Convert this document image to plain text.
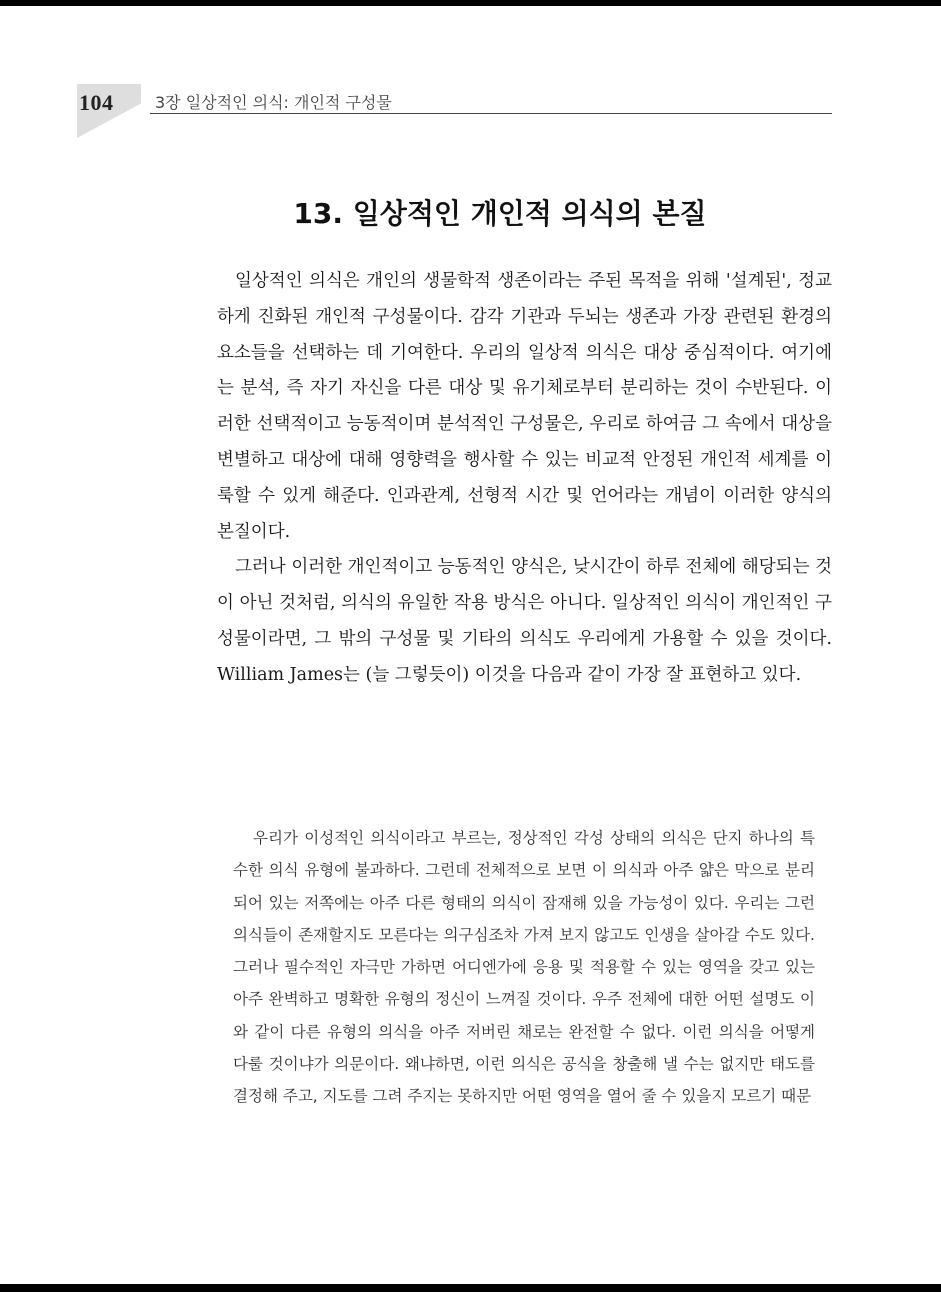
104	3장 일상적인 의식: 개인적 구성물
13. 일상적인 개인적 의식의 본질

일상적인 의식은 개인의 생물학적 생존이라는 주된 목적을 위해 '설계된', 정교하게 진화된 개인적 구성물이다. 감각 기관과 두뇌는 생존과 가장 관련된 환경의 요소들을 선택하는 데 기여한다. 우리의 일상적 의식은 대상 중심적이다. 여기에는 분석, 즉 자기 자신을 다른 대상 및 유기체로부터 분리하는 것이 수반된다. 이러한 선택적이고 능동적이며 분석적인 구성물은, 우리로 하여금 그 속에서 대상을 변별하고 대상에 대해 영향력을 행사할 수 있는 비교적 안정된 개인적 세계를 이룩할 수 있게 해준다. 인과관계, 선형적 시간 및 언어라는 개념이 이러한 양식의 본질이다.

그러나 이러한 개인적이고 능동적인 양식은, 낮시간이 하루 전체에 해당되는 것이 아닌 것처럼, 의식의 유일한 작용 방식은 아니다. 일상적인 의식이 개인적인 구성물이라면, 그 밖의 구성물 및 기타의 의식도 우리에게 가용할 수 있을 것이다. William James는 (늘 그렇듯이) 이것을 다음과 같이 가장 잘 표현하고 있다.

우리가 이성적인 의식이라고 부르는, 정상적인 각성 상태의 의식은 단지 하나의 특수한 의식 유형에 불과하다. 그런데 전체적으로 보면 이 의식과 아주 얇은 막으로 분리되어 있는 저쪽에는 아주 다른 형태의 의식이 잠재해 있을 가능성이 있다. 우리는 그런 의식들이 존재할지도 모른다는 의구심조차 가져 보지 않고도 인생을 살아갈 수도 있다. 그러나 필수적인 자극만 가하면 어디엔가에 응용 및 적용할 수 있는 영역을 갖고 있는 아주 완벽하고 명확한 유형의 정신이 느껴질 것이다. 우주 전체에 대한 어떤 설명도 이와 같이 다른 유형의 의식을 아주 저버린 채로는 완전할 수 없다. 이런 의식을 어떻게 다룰 것이냐가 의문이다. 왜냐하면, 이런 의식은 공식을 창출해 낼 수는 없지만 태도를 결정해 주고, 지도를 그려 주지는 못하지만 어떤 영역을 열어 줄 수 있을지 모르기 때문
